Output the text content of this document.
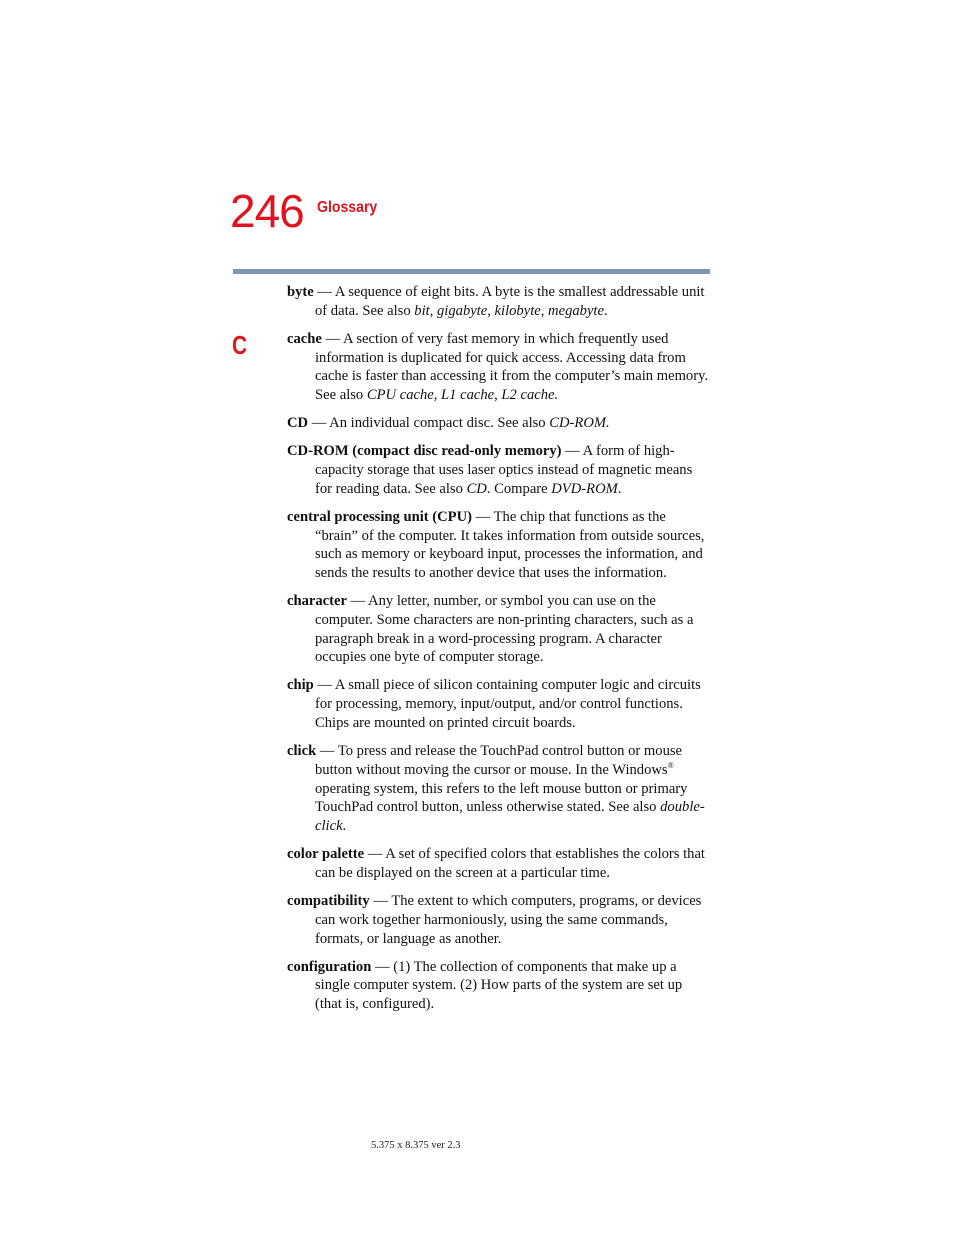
246 Glossary
C

byte — A sequence of eight bits. A byte is the smallest addressable unit of data. See also bit, gigabyte, kilobyte, megabyte.

cache — A section of very fast memory in which frequently used information is duplicated for quick access. Accessing data from cache is faster than accessing it from the computer’s main memory. See also CPU cache, L1 cache, L2 cache.

CD — An individual compact disc. See also CD-ROM.

CD-ROM (compact disc read-only memory) — A form of high-capacity storage that uses laser optics instead of magnetic means for reading data. See also CD. Compare DVD-ROM.

central processing unit (CPU) — The chip that functions as the “brain” of the computer. It takes information from outside sources, such as memory or keyboard input, processes the information, and sends the results to another device that uses the information.

character — Any letter, number, or symbol you can use on the computer. Some characters are non-printing characters, such as a paragraph break in a word-processing program. A character occupies one byte of computer storage.

chip — A small piece of silicon containing computer logic and circuits for processing, memory, input/output, and/or control functions. Chips are mounted on printed circuit boards.

click — To press and release the TouchPad control button or mouse button without moving the cursor or mouse. In the Windows® operating system, this refers to the left mouse button or primary TouchPad control button, unless otherwise stated. See also double-click.

color palette — A set of specified colors that establishes the colors that can be displayed on the screen at a particular time.

compatibility — The extent to which computers, programs, or devices can work together harmoniously, using the same commands, formats, or language as another.

configuration — (1) The collection of components that make up a single computer system. (2) How parts of the system are set up (that is, configured).

5.375 x 8.375 ver 2.3
